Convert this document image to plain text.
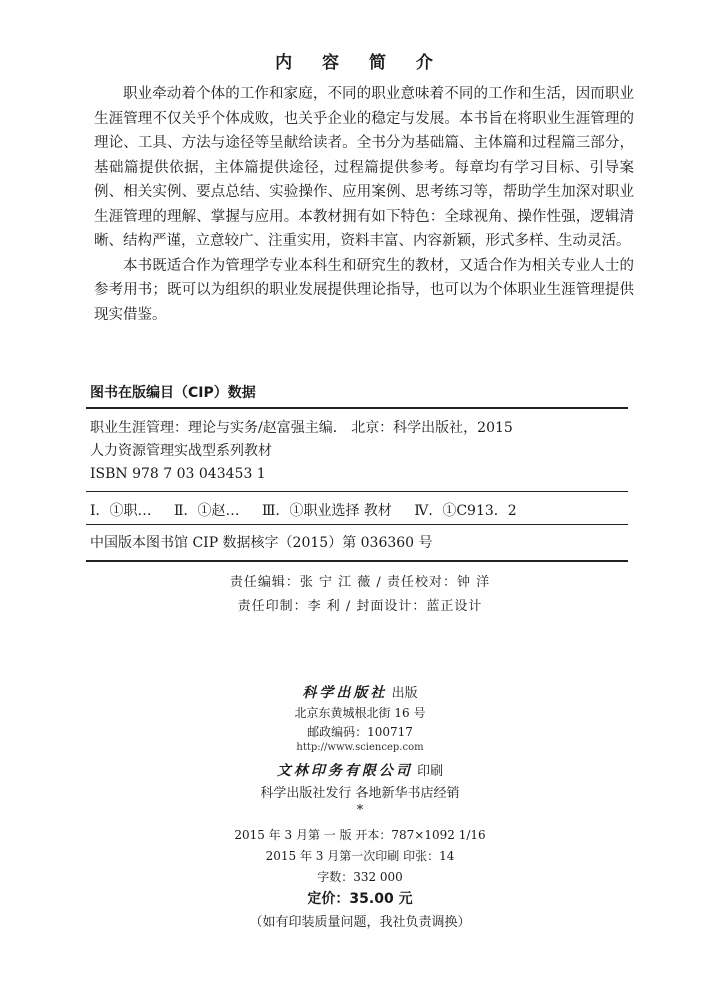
内 容 简 介

职业牵动着个体的工作和家庭，不同的职业意味着不同的工作和生活，因而职业生涯管理不仅关乎个体成败，也关乎企业的稳定与发展。本书旨在将职业生涯管理的理论、工具、方法与途径等呈献给读者。全书分为基础篇、主体篇和过程篇三部分，基础篇提供依据，主体篇提供途径，过程篇提供参考。每章均有学习目标、引导案例、相关实例、要点总结、实验操作、应用案例、思考练习等，帮助学生加深对职业生涯管理的理解、掌握与应用。本教材拥有如下特色：全球视角、操作性强，逻辑清晰、结构严谨，立意较广、注重实用，资料丰富、内容新颖，形式多样、生动灵活。

本书既适合作为管理学专业本科生和研究生的教材，又适合作为相关专业人士的参考用书；既可以为组织的职业发展提供理论指导，也可以为个体职业生涯管理提供现实借鉴。

图书在版编目（CIP）数据
职业生涯管理：理论与实务/赵富强主编． 北京：科学出版社，2015
人力资源管理实战型系列教材
ISBN 978 7 03 043453 1
Ⅰ．①职… Ⅱ．①赵… Ⅲ．①职业选择 教材 Ⅳ．①C913．2
中国版本图书馆 CIP 数据核字（2015）第 036360 号
责任编辑：张 宁 江 薇 / 责任校对：钟 洋
责任印制：李 利 / 封面设计：蓝正设计
科学出版社 出版
北京东黄城根北街 16 号
邮政编码：100717
http://www.sciencep.com
文林印务有限公司 印刷
科学出版社发行 各地新华书店经销
*
2015 年 3 月第 一 版 开本：787×1092 1/16
2015 年 3 月第一次印刷 印张：14
字数：332 000
定价：35.00 元
（如有印装质量问题，我社负责调换）
